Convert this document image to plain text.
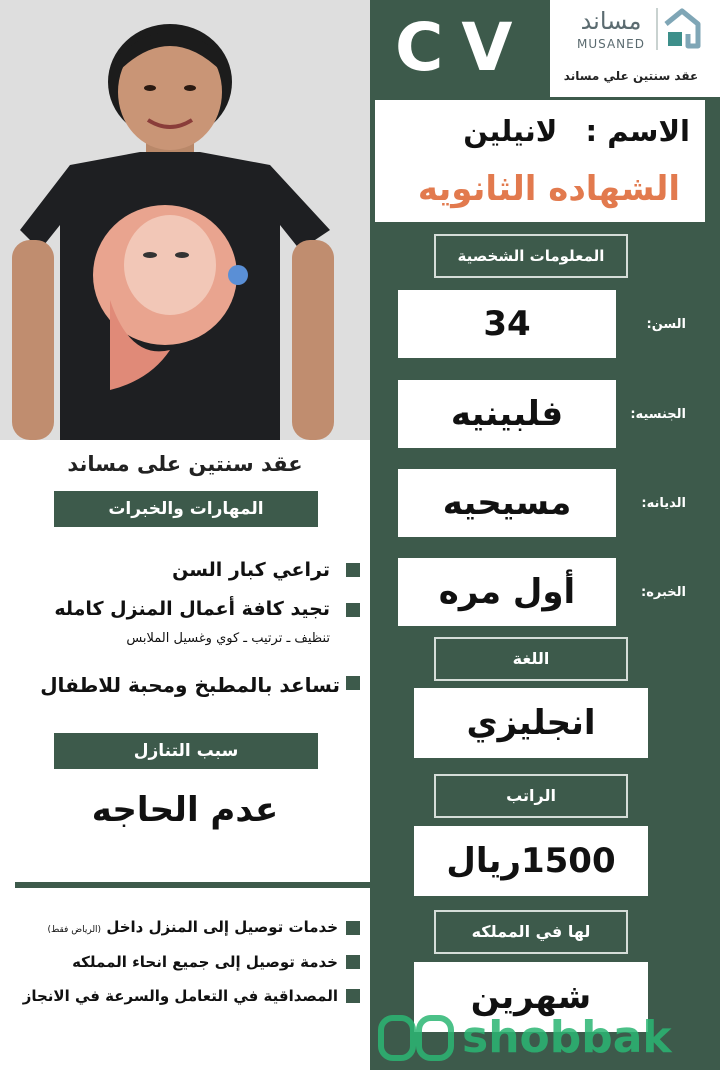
CV	مساند
MUSANED
عقد سنتين علي مساند
الاسم : لانيلين
الشهاده الثانويه
المعلومات الشخصية
34	السن:
فلبينيه	الجنسيه:
مسيحيه	الديانه:
أول مره	الخبره:
اللغة
انجليزي
الراتب
1500ريال
لها في المملكه
شهرين
عقد سنتين على مساند
المهارات والخبرات
تراعي كبار السن
تجيد كافة أعمال المنزل كامله
تنظيف ـ ترتيب ـ كوي وغسيل الملابس
تساعد بالمطبخ ومحبة للاطفال
سبب التنازل
عدم الحاجه
خدمات توصيل إلى المنزل داخل (الرياض فقط)
خدمة توصيل إلى جميع انحاء المملكه
المصداقية في التعامل والسرعة في الانجاز
shobbak
